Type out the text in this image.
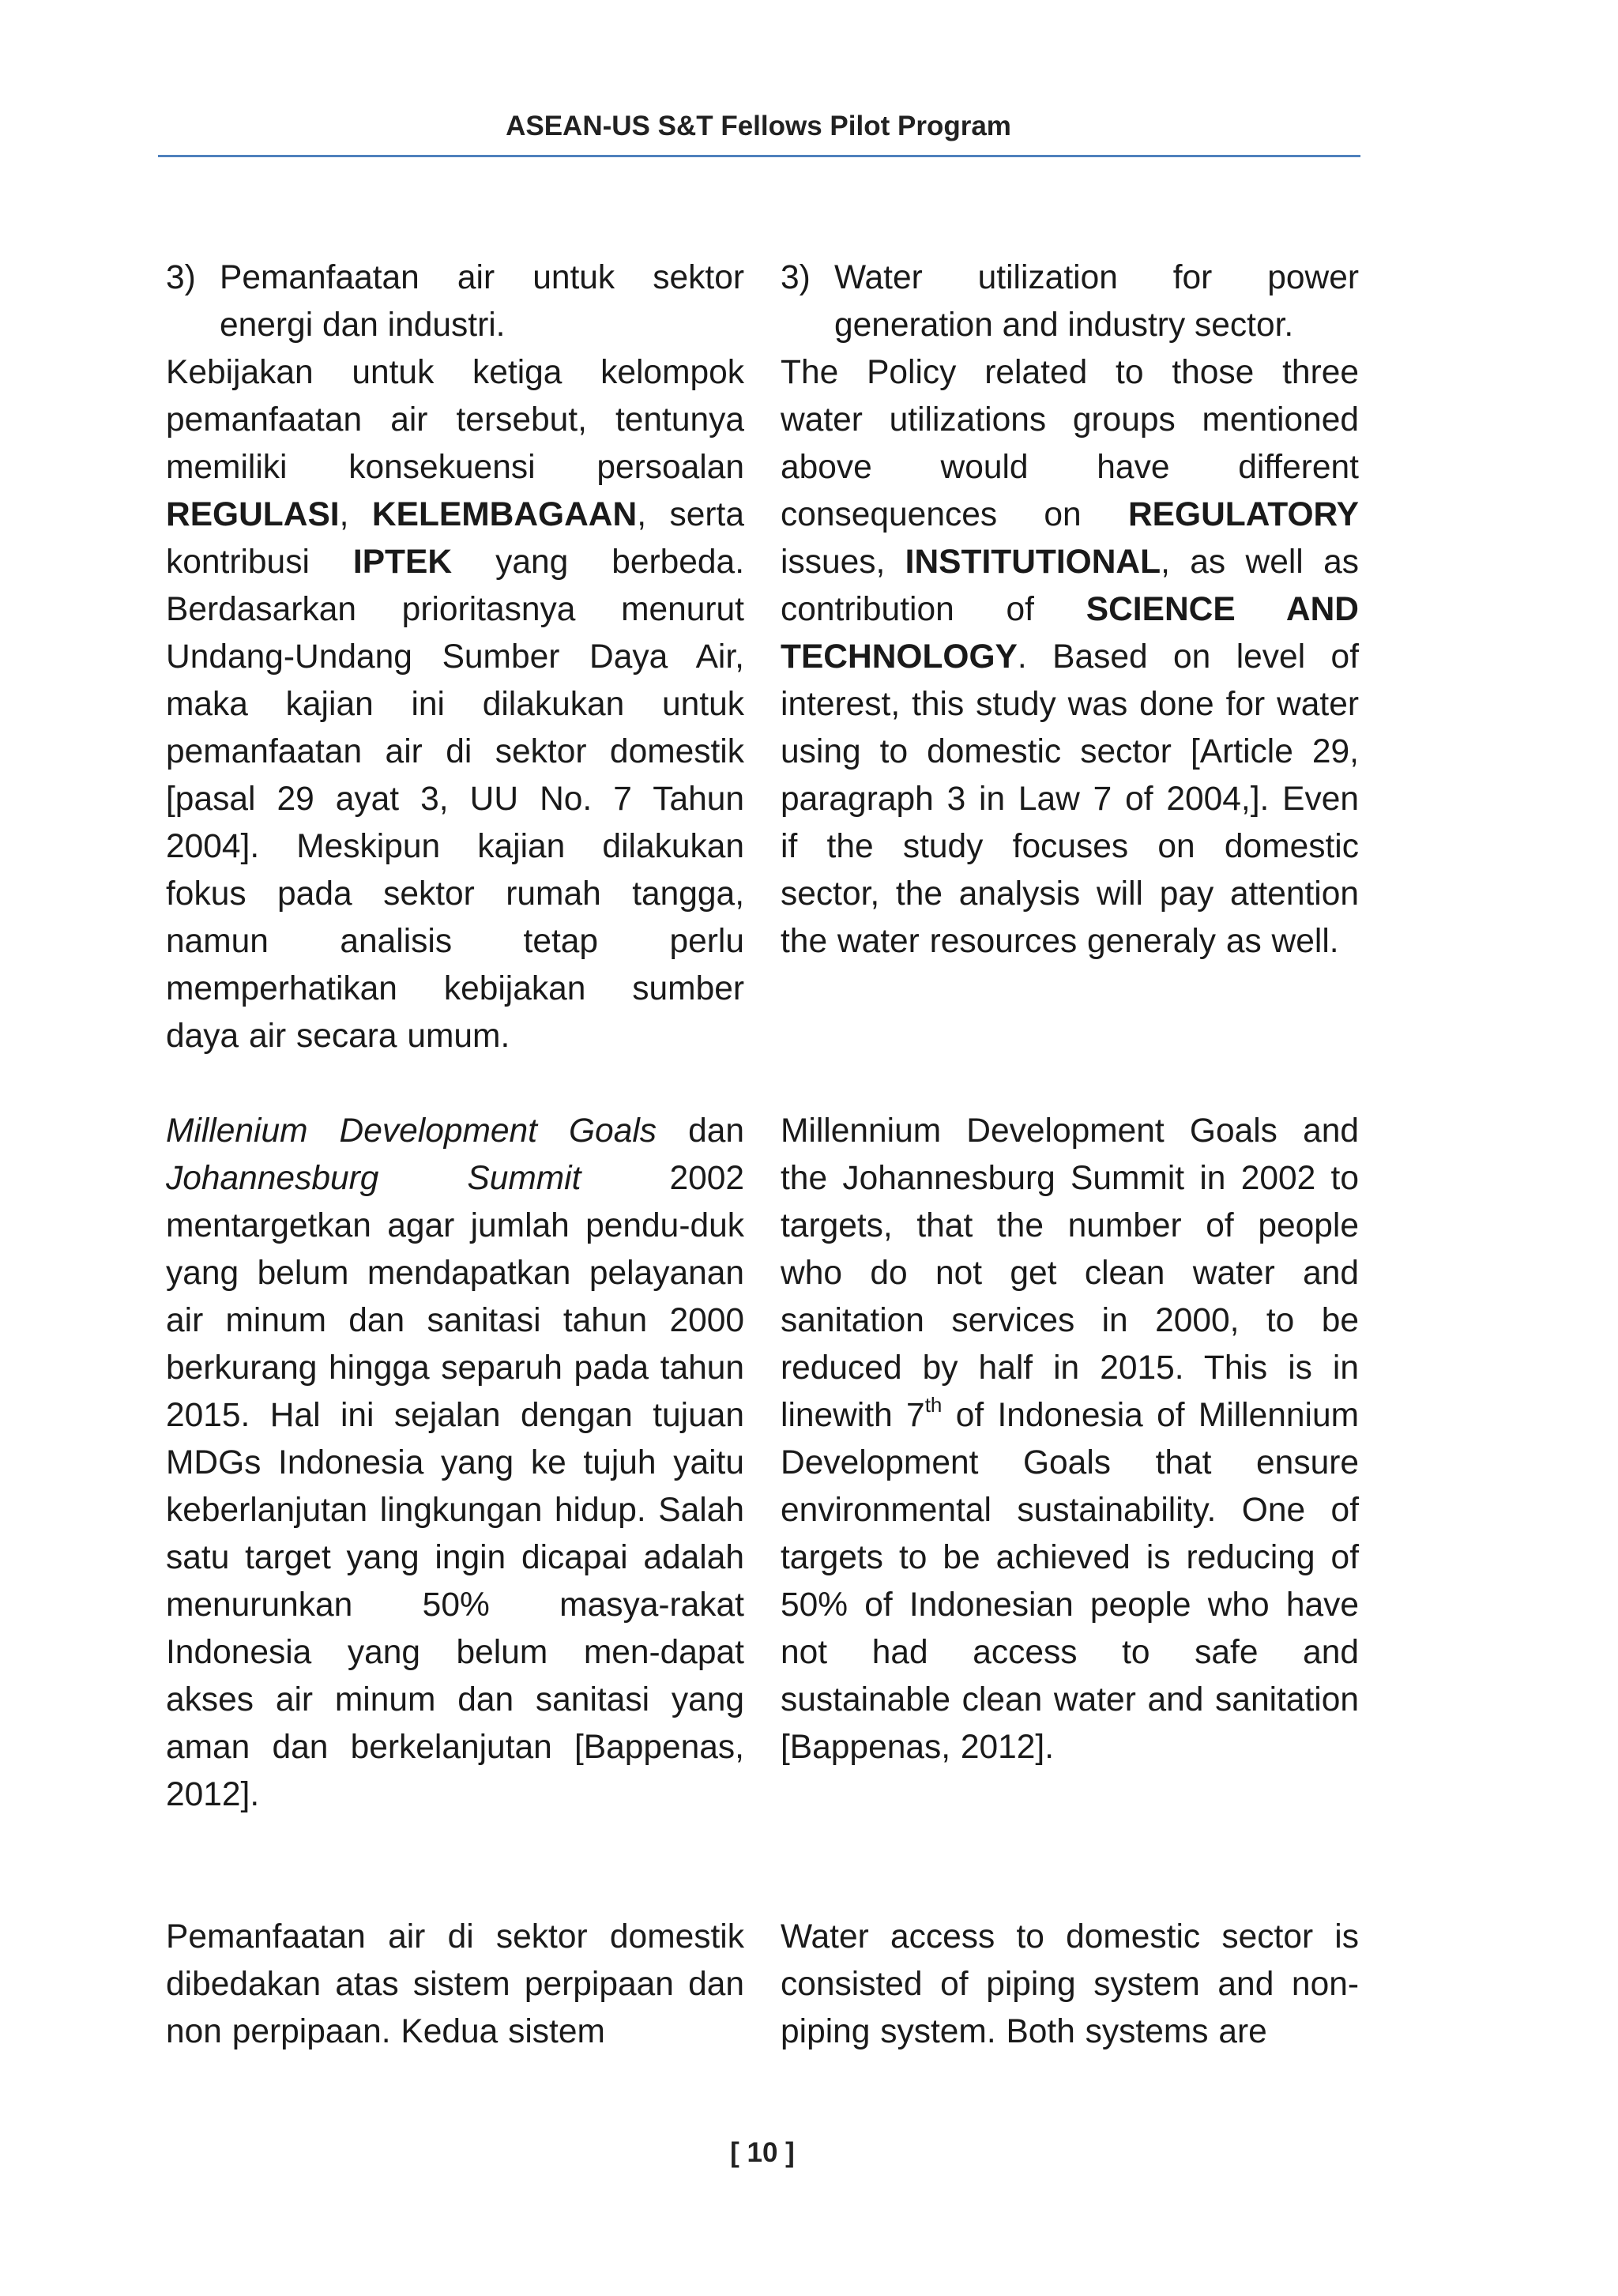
ASEAN-US S&T Fellows Pilot Program
3) Pemanfaatan air untuk sektor energi dan industri.

Kebijakan untuk ketiga kelompok pemanfaatan air tersebut, tentunya memiliki konsekuensi persoalan REGULASI, KELEMBAGAAN, serta kontribusi IPTEK yang berbeda. Berdasarkan prioritasnya menurut Undang-Undang Sumber Daya Air, maka kajian ini dilakukan untuk pemanfaatan air di sektor domestik [pasal 29 ayat 3, UU No. 7 Tahun 2004]. Meskipun kajian dilakukan fokus pada sektor rumah tangga, namun analisis tetap perlu memperhatikan kebijakan sumber daya air secara umum.

Millenium Development Goals dan Johannesburg Summit 2002 mentargetkan agar jumlah pendu-duk yang belum mendapatkan pelayanan air minum dan sanitasi tahun 2000 berkurang hingga separuh pada tahun 2015. Hal ini sejalan dengan tujuan MDGs Indonesia yang ke tujuh yaitu keberlanjutan lingkungan hidup. Salah satu target yang ingin dicapai adalah menurunkan 50% masya-rakat Indonesia yang belum men-dapat akses air minum dan sanitasi yang aman dan berkelanjutan [Bappenas, 2012].

Pemanfaatan air di sektor domestik dibedakan atas sistem perpipaan dan non perpipaan. Kedua sistem

3) Water utilization for power generation and industry sector.

The Policy related to those three water utilizations groups mentioned above would have different consequences on REGULATORY issues, INSTITUTIONAL, as well as contribution of SCIENCE AND TECHNOLOGY. Based on level of interest, this study was done for water using to domestic sector [Article 29, paragraph 3 in Law 7 of 2004,]. Even if the study focuses on domestic sector, the analysis will pay attention the water resources generaly as well.

Millennium Development Goals and the Johannesburg Summit in 2002 to targets, that the number of people who do not get clean water and sanitation services in 2000, to be reduced by half in 2015. This is in linewith 7th of Indonesia of Millennium Development Goals that ensure environmental sustainability. One of targets to be achieved is reducing of 50% of Indonesian people who have not had access to safe and sustainable clean water and sanitation [Bappenas, 2012].

Water access to domestic sector is consisted of piping system and non-piping system. Both systems are

[ 10 ]
